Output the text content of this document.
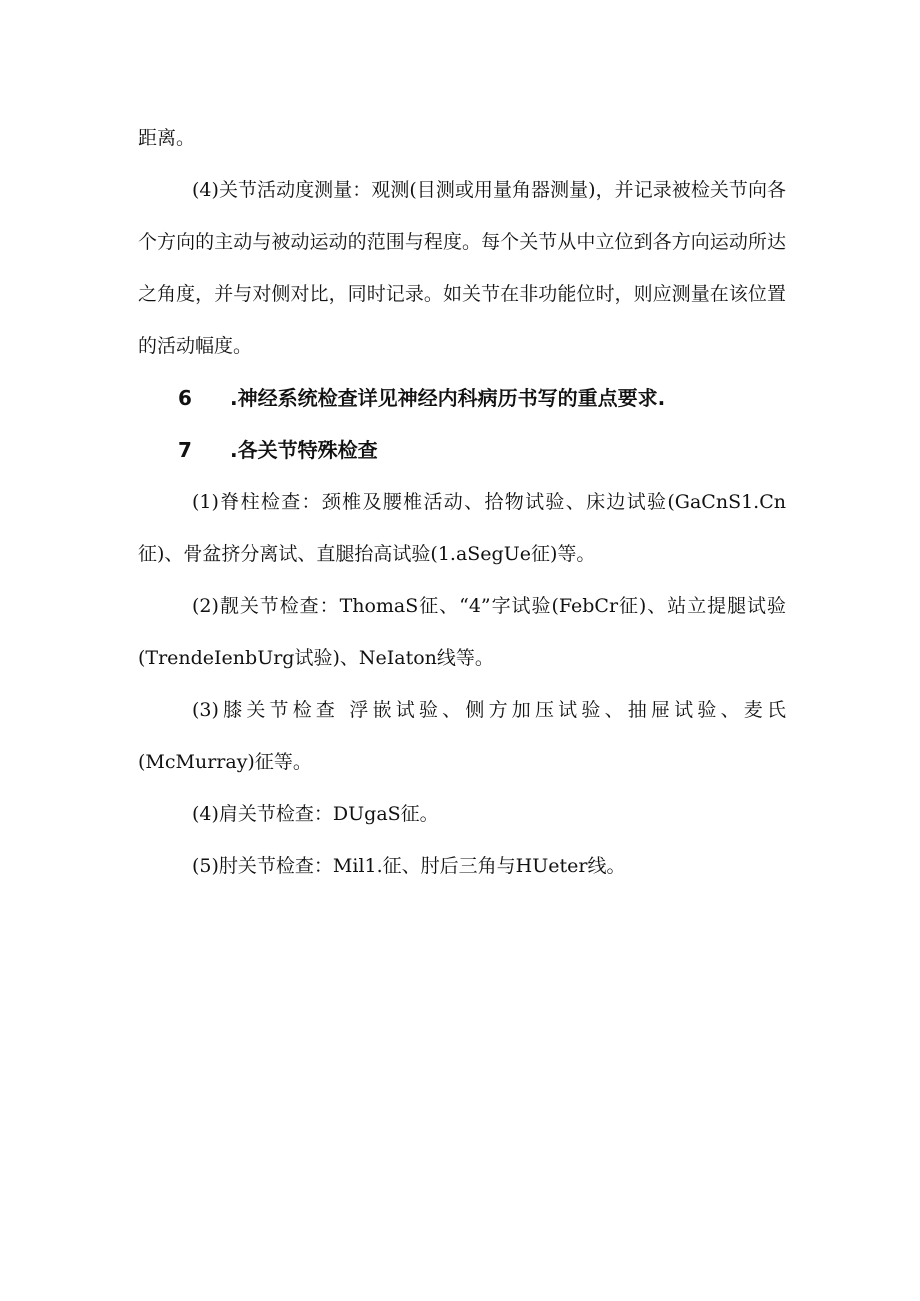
距离。

(4)关节活动度测量：观测(目测或用量角器测量)，并记录被检关节向各个方向的主动与被动运动的范围与程度。每个关节从中立位到各方向运动所达之角度，并与对侧对比，同时记录。如关节在非功能位时，则应测量在该位置的活动幅度。

6	.神经系统检查详见神经内科病历书写的重点要求.
7	.各关节特殊检查

(1)脊柱检查：颈椎及腰椎活动、拾物试验、床边试验(GaCnS1.Cn征)、骨盆挤分离试、直腿抬高试验(1.aSegUe征)等。

(2)靓关节检查：ThomaS征、“4”字试验(FebCr征)、站立提腿试验(TrendeIenbUrg试验)、NeIaton线等。

(3)膝关节检查 浮嵌试验、侧方加压试验、抽屉试验、麦氏(McMurray)征等。

(4)肩关节检查：DUgaS征。

(5)肘关节检查：Mil1.征、肘后三角与HUeter线。
